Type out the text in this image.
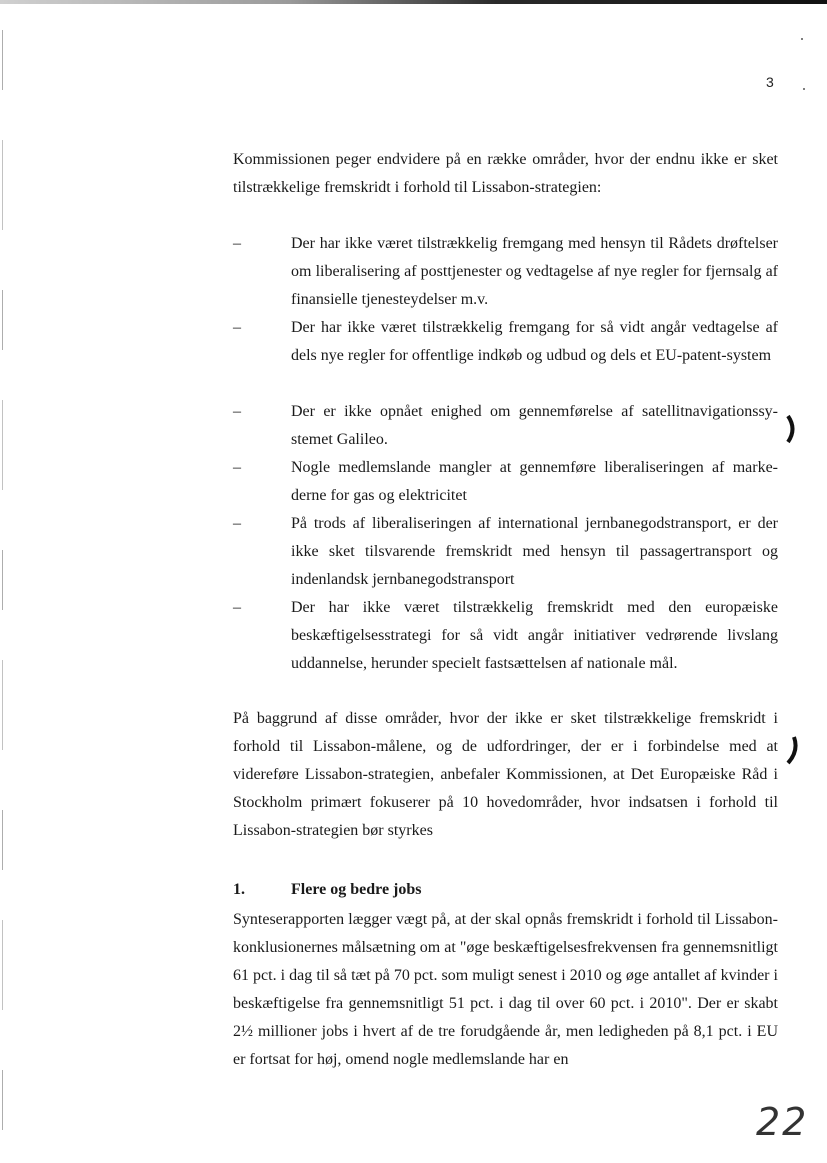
3
Kommissionen peger endvidere på en række områder, hvor der endnu ikke er sket tilstrækkelige fremskridt i forhold til Lissabon-strategien:
–	Der har ikke været tilstrækkelig fremgang med hensyn til Rådets drøftelser om liberalisering af posttjenester og vedtagelse af nye regler for fjernsalg af finansielle tjenesteydelser m.v.
–	Der har ikke været tilstrækkelig fremgang for så vidt angår vedtagelse af dels nye regler for offentlige indkøb og udbud og dels et EU-patent-system
–	Der er ikke opnået enighed om gennemførelse af satellitnavigationssy-stemet Galileo.
–	Nogle medlemslande mangler at gennemføre liberaliseringen af marke-derne for gas og elektricitet
–	På trods af liberaliseringen af international jernbanegodstransport, er der ikke sket tilsvarende fremskridt med hensyn til passagertransport og indenlandsk jernbanegodstransport
–	Der har ikke været tilstrækkelig fremskridt med den europæiske beskæftigelsesstrategi for så vidt angår initiativer vedrørende livslang uddannelse, herunder specielt fastsættelsen af nationale mål.
På baggrund af disse områder, hvor der ikke er sket tilstrækkelige fremskridt i forhold til Lissabon-målene, og de udfordringer, der er i forbindelse med at videreføre Lissabon-strategien, anbefaler Kommissionen, at Det Europæiske Råd i Stockholm primært fokuserer på 10 hovedområder, hvor indsatsen i forhold til Lissabon-strategien bør styrkes
1.	Flere og bedre jobs
Synteserapporten lægger vægt på, at der skal opnås fremskridt i forhold til Lissabon-konklusionernes målsætning om at "øge beskæftigelsesfrekvensen fra gennemsnitligt 61 pct. i dag til så tæt på 70 pct. som muligt senest i 2010 og øge antallet af kvinder i beskæftigelse fra gennemsnitligt 51 pct. i dag til over 60 pct. i 2010". Der er skabt 2½ millioner jobs i hvert af de tre forudgående år, men ledigheden på 8,1 pct. i EU er fortsat for høj, omend nogle medlemslande har en
22
